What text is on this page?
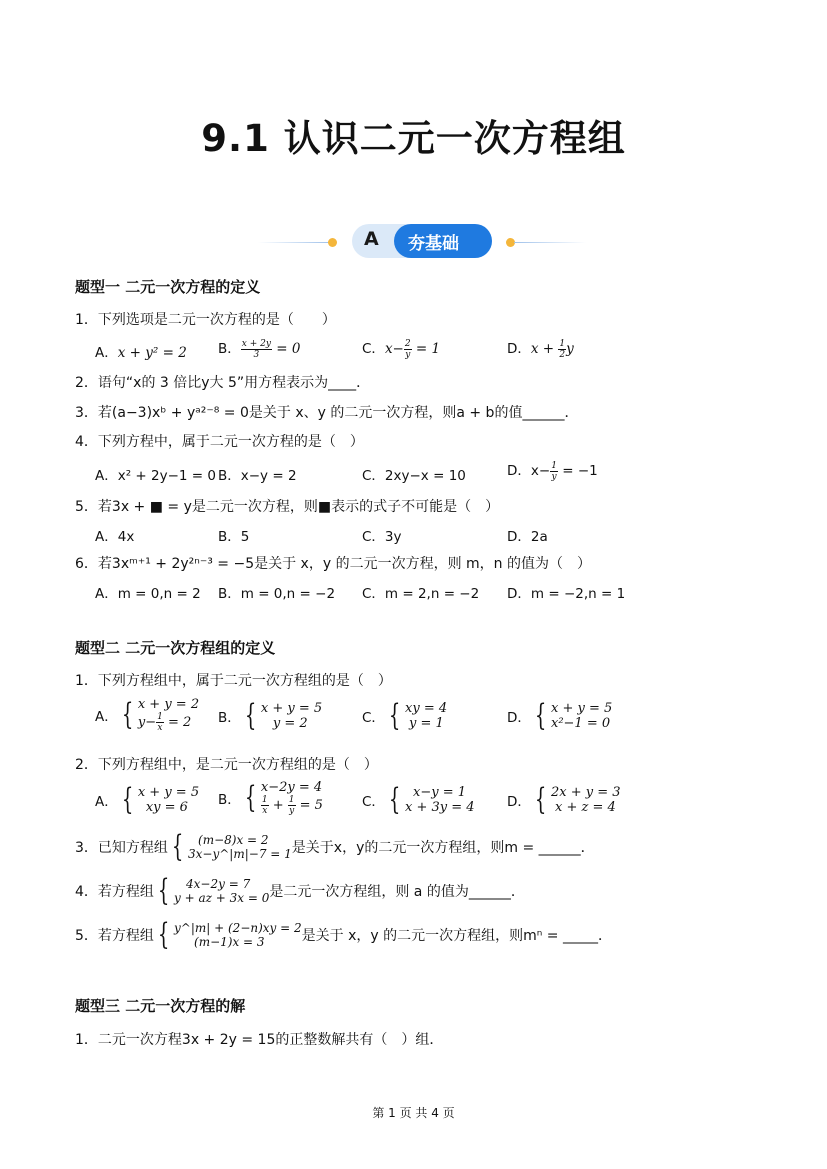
9.1 认识二元一次方程组
A 夯基础
题型一 二元一次方程的定义
1．下列选项是二元一次方程的是（　　）
A．x + y² = 2 B． $\frac{x + 2y}{3} = 0$	C．$x- \frac{2}{y} = 1$	D．$x + \frac{1}{2}$ y
2．语句“x的 3 倍比y大 5”用方程表示为____．
3．若(a−3)xᵇ + yᵃ²⁻⁸ = 0是关于 x、y 的二元一次方程，则a + b的值______．
4．下列方程中，属于二元一次方程的是（　）
A．x² + 2y−1 = 0 B．x−y = 2	C．2xy−x = 10	D．$x- \frac{1}{y} = -1$
5．若3x + ■ = y是二元一次方程，则■表示的式子不可能是（　）
A．4x	B．5	C．3y	D．2a
6．若3xᵐ⁺¹ + 2y²ⁿ⁻³ = −5是关于 x，y 的二元一次方程，则 m，n 的值为（　）
A．m = 0,n = 2 B．m = 0,n = −2 C．m = 2,n = −2 D．m = −2,n = 1
题型二 二元一次方程组的定义
1．下列方程组中，属于二元一次方程组的是（　）
A． { x + y = 2
$y- \frac{1}{x} = 2$	B． { x + y = 5
y = 2	C． { xy = 4
y = 1	D． { x + y = 5
x²−1 = 0
2．下列方程组中，是二元一次方程组的是（　）
A． { x + y = 5
xy = 6	B． { x−2y = 4
$\frac{1}{x} + \frac{1}{y} = 5$	C． { x−y = 1
x + 3y = 4 D． { 2x + y = 3
x + z = 4
3．已知方程组 {	(m−8)x = 2
3x−y^|m|−7 = 1 是关于x，y的二元一次方程组，则m = ______．
4．若方程组 {	4x−2y = 7
y + az + 3x = 0 是二元一次方程组，则 a 的值为______．
5．若方程组 { y^|m| + (2−n)xy = 2
(m−1)x = 3	是关于 x，y 的二元一次方程组，则mⁿ = _____．
题型三 二元一次方程的解
1．二元一次方程3x + 2y = 15的正整数解共有（　）组．
第 1 页 共 4 页
